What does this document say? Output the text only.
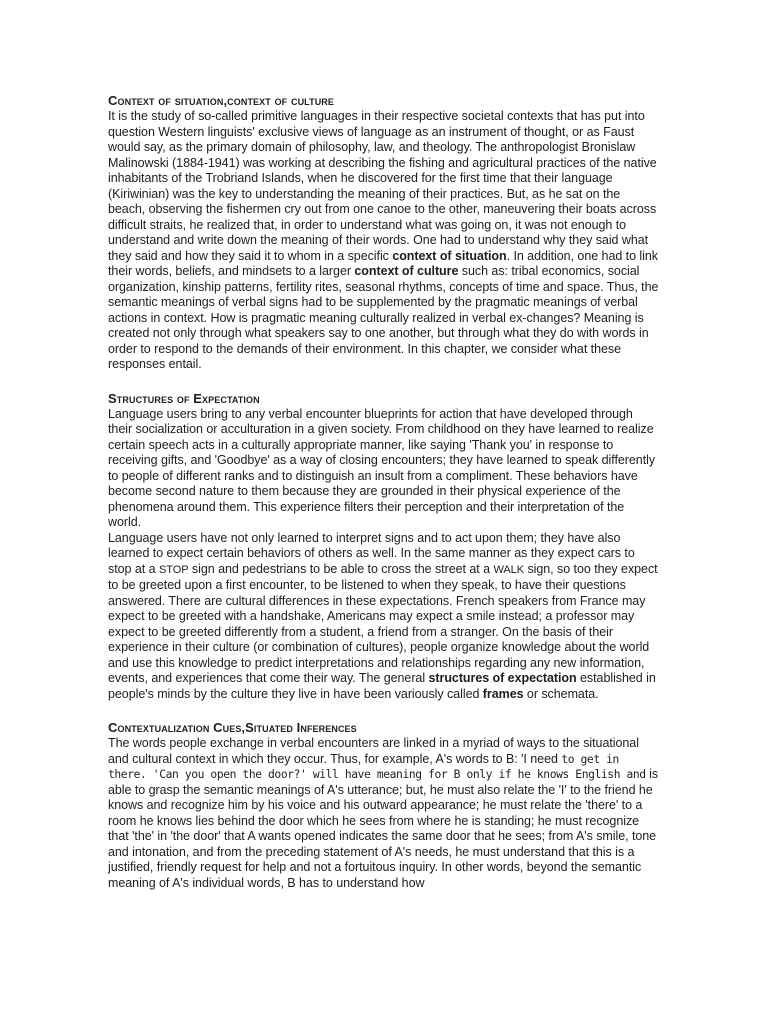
Context of situation,context of culture

It is the study of so-called primitive languages in their respective societal contexts that has put into question Western linguists' exclusive views of language as an instrument of thought, or as Faust would say, as the primary domain of philosophy, law, and theology. The anthropologist Bronislaw Malinowski (1884-1941) was working at describing the fishing and agricultural practices of the native inhabitants of the Trobriand Islands, when he discovered for the first time that their language (Kiriwinian) was the key to understanding the meaning of their practices. But, as he sat on the beach, observing the fishermen cry out from one canoe to the other, maneuvering their boats across difficult straits, he realized that, in order to understand what was going on, it was not enough to understand and write down the meaning of their words. One had to understand why they said what they said and how they said it to whom in a specific context of situation. In addition, one had to link their words, beliefs, and mindsets to a larger context of culture such as: tribal economics, social organization, kinship patterns, fertility rites, seasonal rhythms, concepts of time and space. Thus, the semantic meanings of verbal signs had to be supplemented by the pragmatic meanings of verbal actions in context. How is pragmatic meaning culturally realized in verbal ex-changes? Meaning is created not only through what speakers say to one another, but through what they do with words in order to respond to the demands of their environment. In this chapter, we consider what these responses entail.

Structures of Expectation

Language users bring to any verbal encounter blueprints for action that have developed through their socialization or acculturation in a given society. From childhood on they have learned to realize certain speech acts in a culturally appropriate manner, like saying 'Thank you' in response to receiving gifts, and 'Goodbye' as a way of closing encounters; they have learned to speak differently to people of different ranks and to distinguish an insult from a compliment. These behaviors have become second nature to them because they are grounded in their physical experience of the phenomena around them. This experience filters their perception and their interpretation of the world.

Language users have not only learned to interpret signs and to act upon them; they have also learned to expect certain behaviors of others as well. In the same manner as they expect cars to stop at a STOP sign and pedestrians to be able to cross the street at a WALK sign, so too they expect to be greeted upon a first encounter, to be listened to when they speak, to have their questions answered. There are cultural differences in these expectations. French speakers from France may expect to be greeted with a handshake, Americans may expect a smile instead; a professor may expect to be greeted differently from a student, a friend from a stranger. On the basis of their experience in their culture (or combination of cultures), people organize knowledge about the world and use this knowledge to predict interpretations and relationships regarding any new information, events, and experiences that come their way. The general structures of expectation established in people's minds by the culture they live in have been variously called frames or schemata.

Contextualization Cues,Situated Inferences

The words people exchange in verbal encounters are linked in a myriad of ways to the situational and cultural context in which they occur. Thus, for example, A's words to B: 'I need to get in there. 'Can you open the door?' will have meaning for B only if he knows English and is able to grasp the semantic meanings of A's utterance; but, he must also relate the 'I' to the friend he knows and recognize him by his voice and his outward appearance; he must relate the 'there' to a room he knows lies behind the door which he sees from where he is standing; he must recognize that 'the' in 'the door' that A wants opened indicates the same door that he sees; from A's smile, tone and intonation, and from the preceding statement of A's needs, he must understand that this is a justified, friendly request for help and not a fortuitous inquiry. In other words, beyond the semantic meaning of A's individual words, B has to understand how
